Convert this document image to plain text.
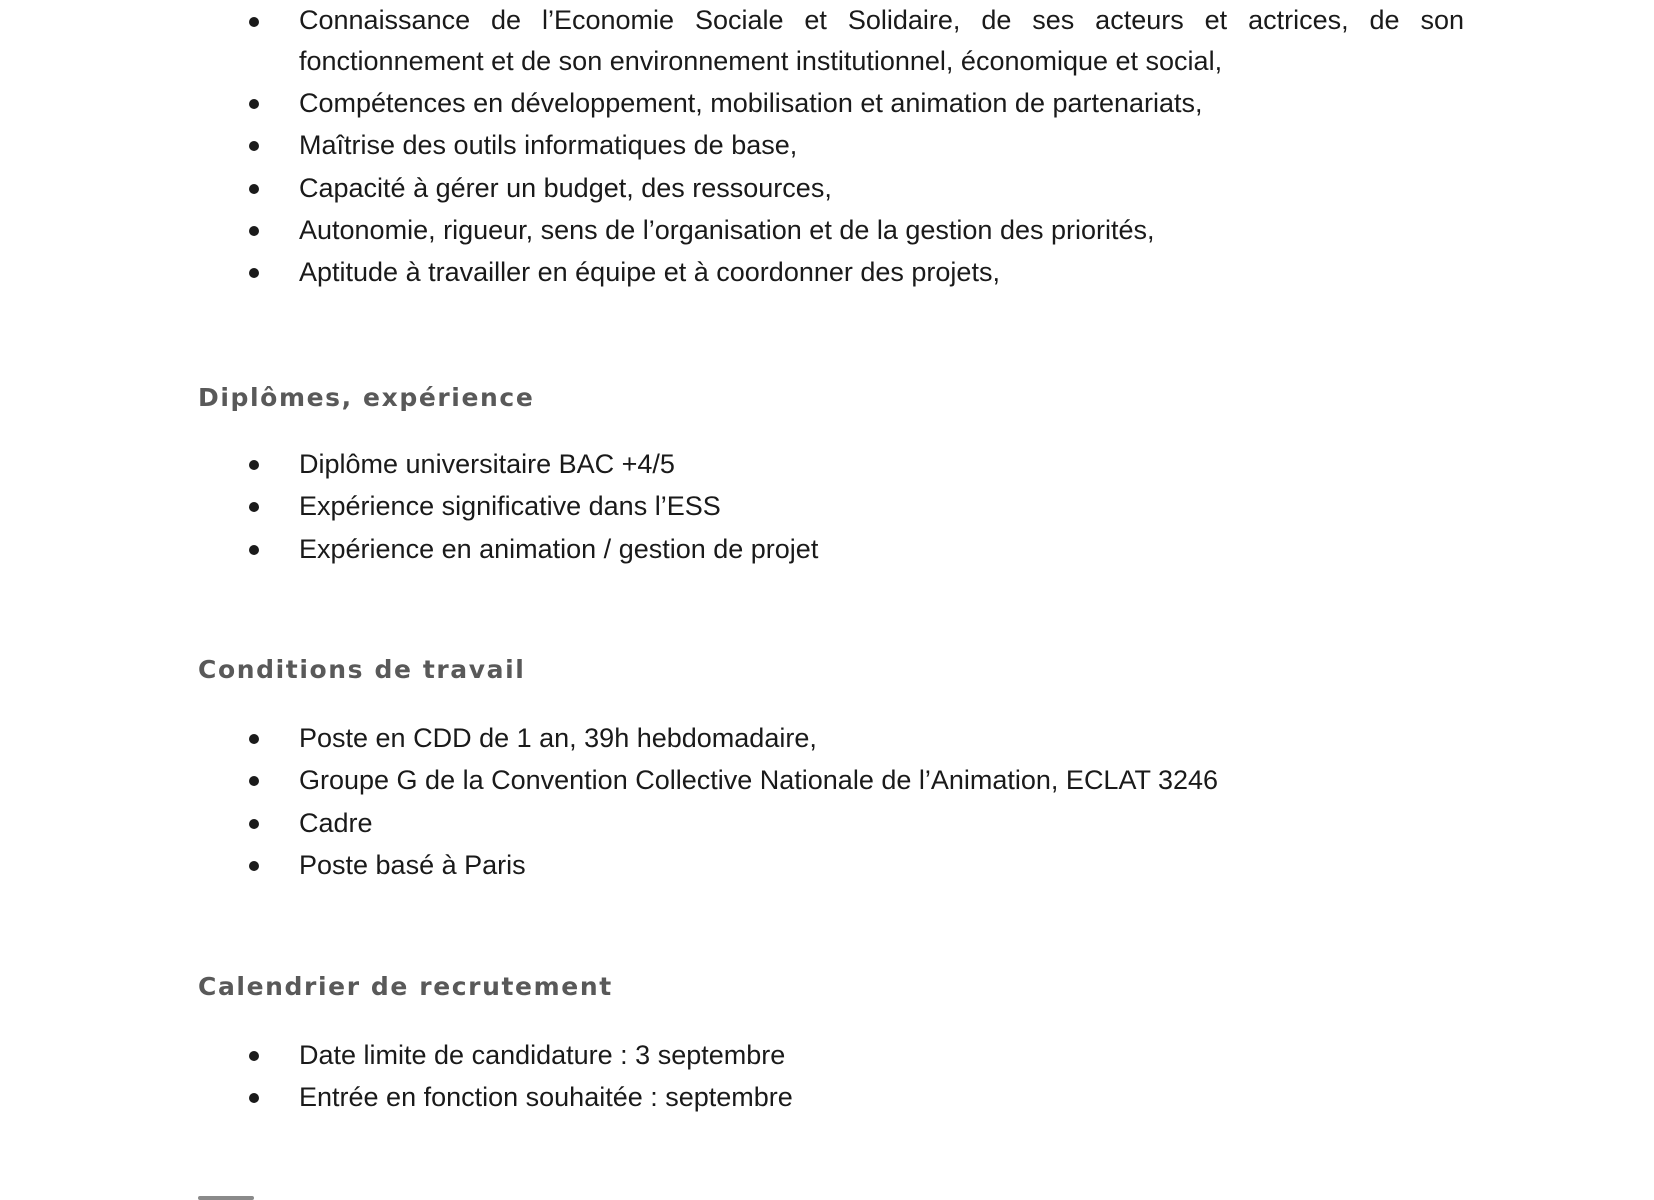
Connaissance de l’Economie Sociale et Solidaire, de ses acteurs et actrices, de son fonctionnement et de son environnement institutionnel, économique et social,
Compétences en développement, mobilisation et animation de partenariats,
Maîtrise des outils informatiques de base,
Capacité à gérer un budget, des ressources,
Autonomie, rigueur, sens de l’organisation et de la gestion des priorités,
Aptitude à travailler en équipe et à coordonner des projets,
Diplômes, expérience
Diplôme universitaire BAC +4/5
Expérience significative dans l’ESS
Expérience en animation / gestion de projet
Conditions de travail
Poste en CDD de 1 an, 39h hebdomadaire,
Groupe G de la Convention Collective Nationale de l’Animation, ECLAT 3246
Cadre
Poste basé à Paris
Calendrier de recrutement
Date limite de candidature : 3 septembre
Entrée en fonction souhaitée : septembre
